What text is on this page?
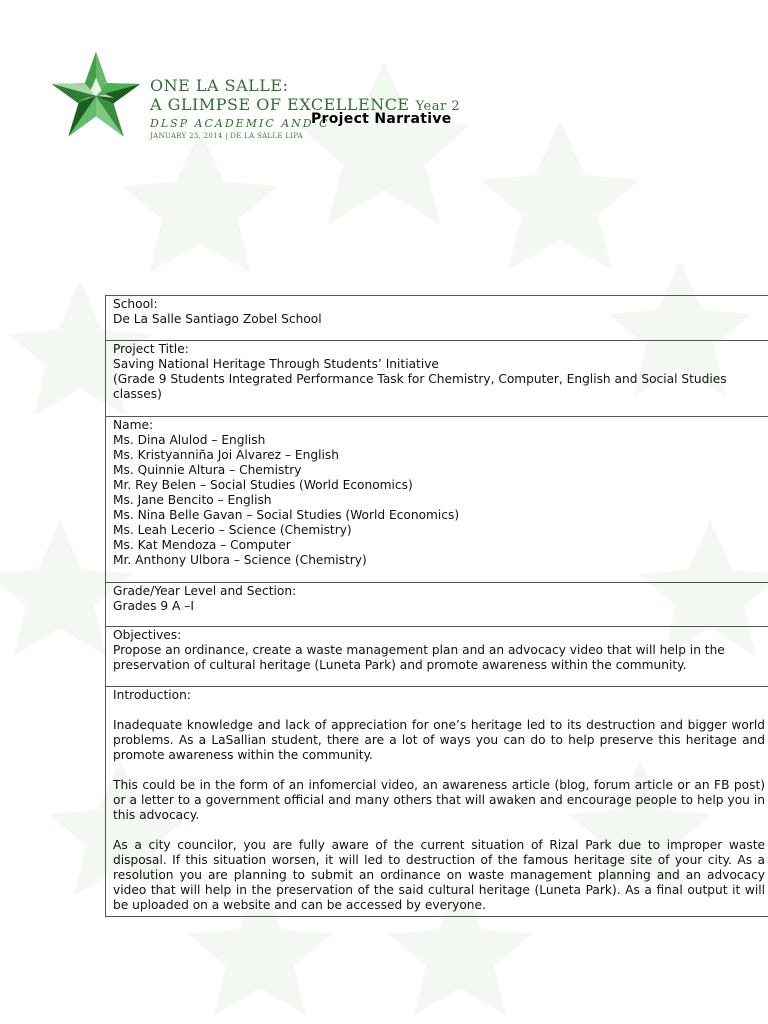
ONE LA SALLE:
A GLIMPSE OF EXCELLENCE Year 2
DLSP ACADEMIC AND C
JANUARY 23, 2014 | DE LA SALLE LIPA
Project Narrative
School:
De La Salle Santiago Zobel School

Project Title:
Saving National Heritage Through Students’ Initiative
(Grade 9 Students Integrated Performance Task for Chemistry, Computer, English and Social Studies classes)

Name:
Ms. Dina Alulod – English
Ms. Kristyanniña Joi Alvarez – English
Ms. Quinnie Altura – Chemistry
Mr. Rey Belen – Social Studies (World Economics)
Ms. Jane Bencito – English
Ms. Nina Belle Gavan – Social Studies (World Economics)
Ms. Leah Lecerio – Science (Chemistry)
Ms. Kat Mendoza – Computer
Mr. Anthony Ulbora – Science (Chemistry)

Grade/Year Level and Section:
Grades 9 A –I

Objectives:
Propose an ordinance, create a waste management plan and an advocacy video that will help in the preservation of cultural heritage (Luneta Park) and promote awareness within the community.

Introduction:
Inadequate knowledge and lack of appreciation for one’s heritage led to its destruction and bigger world problems. As a LaSallian student, there are a lot of ways you can do to help preserve this heritage and promote awareness within the community.
This could be in the form of an infomercial video, an awareness article (blog, forum article or an FB post) or a letter to a government official and many others that will awaken and encourage people to help you in this advocacy.
As a city councilor, you are fully aware of the current situation of Rizal Park due to improper waste disposal. If this situation worsen, it will led to destruction of the famous heritage site of your city. As a resolution you are planning to submit an ordinance on waste management planning and an advocacy video that will help in the preservation of the said cultural heritage (Luneta Park). As a final output it will be uploaded on a website and can be accessed by everyone.
